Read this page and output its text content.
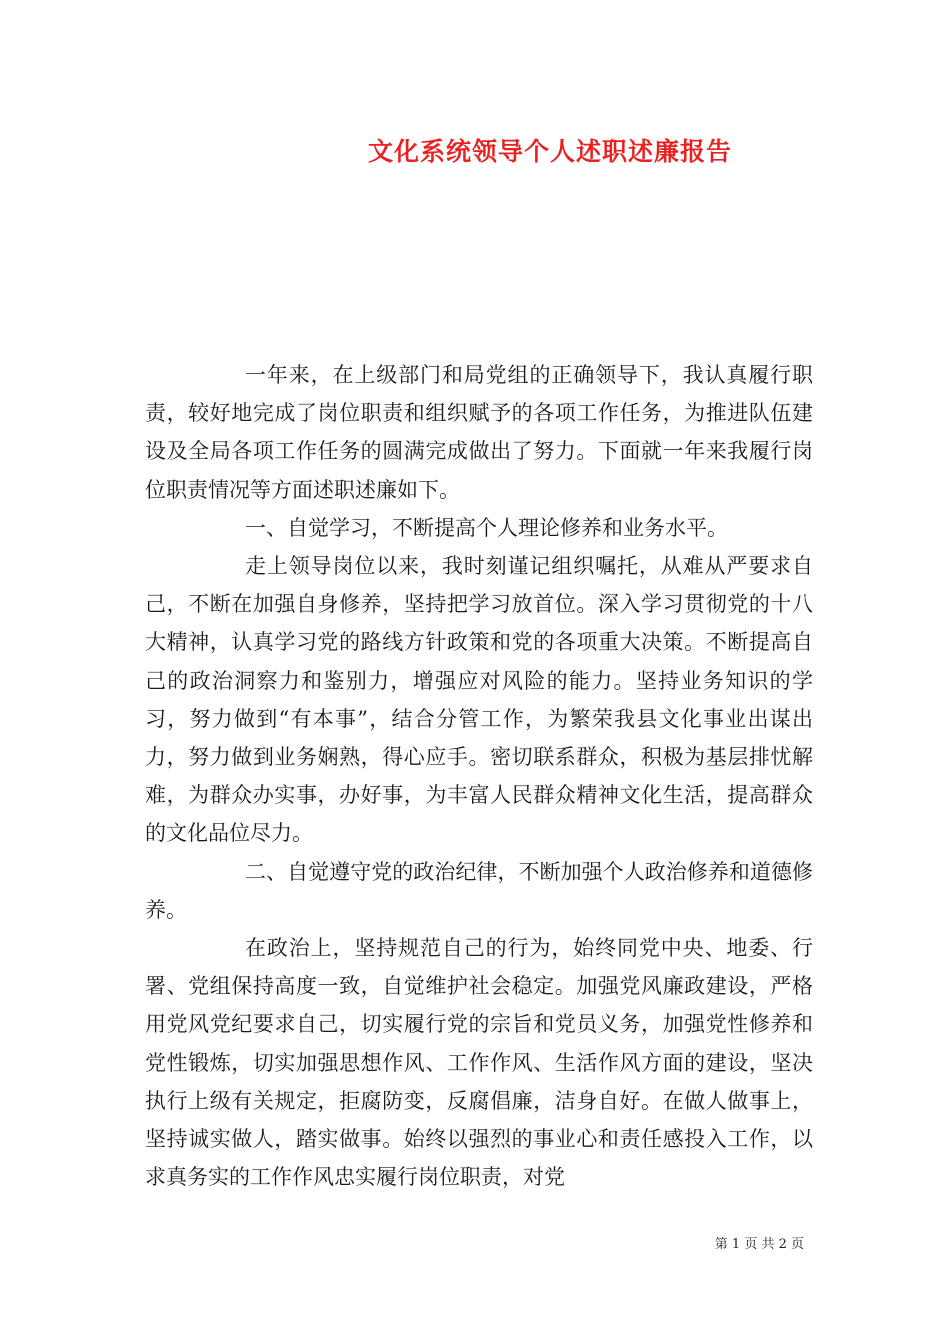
文化系统领导个人述职述廉报告

一年来，在上级部门和局党组的正确领导下，我认真履行职责，较好地完成了岗位职责和组织赋予的各项工作任务，为推进队伍建设及全局各项工作任务的圆满完成做出了努力。下面就一年来我履行岗位职责情况等方面述职述廉如下。

一、自觉学习，不断提高个人理论修养和业务水平。

走上领导岗位以来，我时刻谨记组织嘱托，从难从严要求自己，不断在加强自身修养，坚持把学习放首位。深入学习贯彻党的十八大精神，认真学习党的路线方针政策和党的各项重大决策。不断提高自己的政治洞察力和鉴别力，增强应对风险的能力。坚持业务知识的学习，努力做到“有本事”，结合分管工作，为繁荣我县文化事业出谋出力，努力做到业务娴熟，得心应手。密切联系群众，积极为基层排忧解难，为群众办实事，办好事，为丰富人民群众精神文化生活，提高群众的文化品位尽力。

二、自觉遵守党的政治纪律，不断加强个人政治修养和道德修养。

在政治上，坚持规范自己的行为，始终同党中央、地委、行署、党组保持高度一致，自觉维护社会稳定。加强党风廉政建设，严格用党风党纪要求自己，切实履行党的宗旨和党员义务，加强党性修养和党性锻炼，切实加强思想作风、工作作风、生活作风方面的建设，坚决执行上级有关规定，拒腐防变，反腐倡廉，洁身自好。在做人做事上，坚持诚实做人，踏实做事。始终以强烈的事业心和责任感投入工作，以求真务实的工作作风忠实履行岗位职责，对党

第 1 页 共 2 页
